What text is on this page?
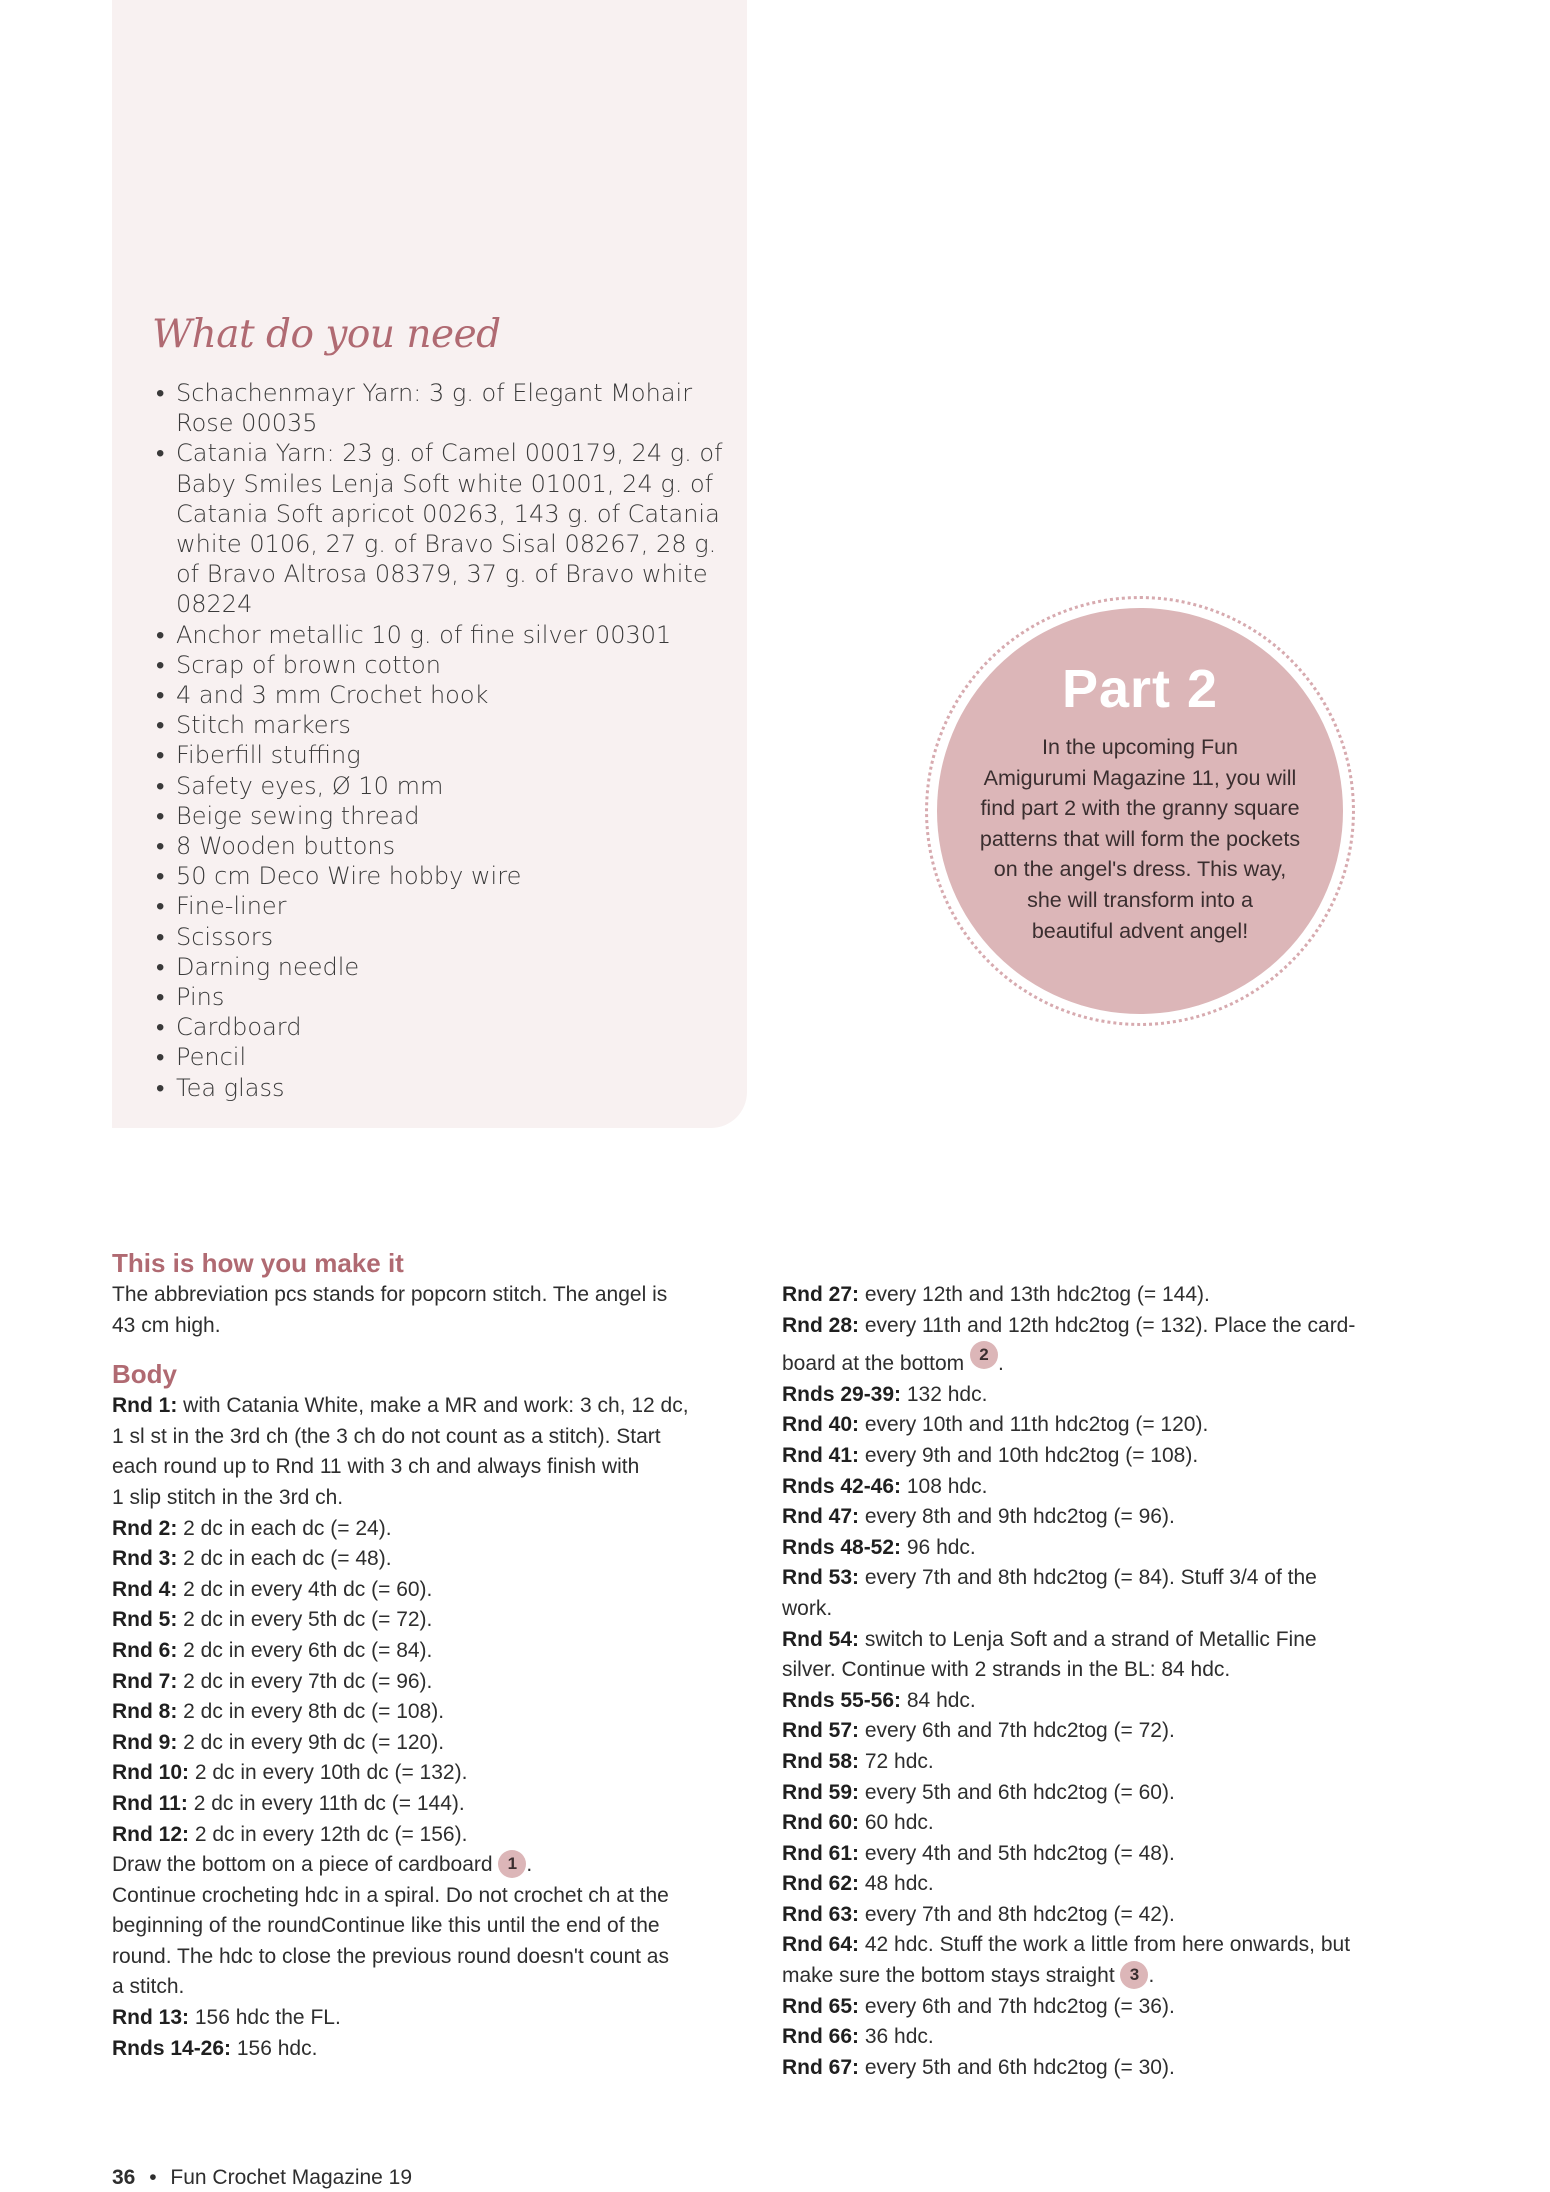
What do you need
• Schachenmayr Yarn: 3 g. of Elegant Mohair Rose 00035
• Catania Yarn: 23 g. of Camel 000179, 24 g. of Baby Smiles Lenja Soft white 01001, 24 g. of Catania Soft apricot 00263, 143 g. of Catania white 0106, 27 g. of Bravo Sisal 08267, 28 g. of Bravo Altrosa 08379, 37 g. of Bravo white 08224
• Anchor metallic 10 g. of fine silver 00301
• Scrap of brown cotton
• 4 and 3 mm Crochet hook
• Stitch markers
• Fiberfill stuffing
• Safety eyes, Ø 10 mm
• Beige sewing thread
• 8 Wooden buttons
• 50 cm Deco Wire hobby wire
• Fine-liner
• Scissors
• Darning needle
• Pins
• Cardboard
• Pencil
• Tea glass
Part 2
In the upcoming Fun
Amigurumi Magazine 11, you will
find part 2 with the granny square
patterns that will form the pockets
on the angel's dress. This way,
she will transform into a
beautiful advent angel!
This is how you make it
The abbreviation pcs stands for popcorn stitch. The angel is
43 cm high.
Body
Rnd 1: with Catania White, make a MR and work: 3 ch, 12 dc,
1 sl st in the 3rd ch (the 3 ch do not count as a stitch). Start
each round up to Rnd 11 with 3 ch and always finish with
1 slip stitch in the 3rd ch.
Rnd 2: 2 dc in each dc (= 24).
Rnd 3: 2 dc in each dc (= 48).
Rnd 4: 2 dc in every 4th dc (= 60).
Rnd 5: 2 dc in every 5th dc (= 72).
Rnd 6: 2 dc in every 6th dc (= 84).
Rnd 7: 2 dc in every 7th dc (= 96).
Rnd 8: 2 dc in every 8th dc (= 108).
Rnd 9: 2 dc in every 9th dc (= 120).
Rnd 10: 2 dc in every 10th dc (= 132).
Rnd 11: 2 dc in every 11th dc (= 144).
Rnd 12: 2 dc in every 12th dc (= 156).
Draw the bottom on a piece of cardboard 1 .
Continue crocheting hdc in a spiral. Do not crochet ch at the
beginning of the roundContinue like this until the end of the
round. The hdc to close the previous round doesn't count as
a stitch.
Rnd 13: 156 hdc the FL.
Rnds 14-26: 156 hdc.
Rnd 27: every 12th and 13th hdc2tog (= 144).
Rnd 28: every 11th and 12th hdc2tog (= 132). Place the card-
board at the bottom 2 .
Rnds 29-39: 132 hdc.
Rnd 40: every 10th and 11th hdc2tog (= 120).
Rnd 41: every 9th and 10th hdc2tog (= 108).
Rnds 42-46: 108 hdc.
Rnd 47: every 8th and 9th hdc2tog (= 96).
Rnds 48-52: 96 hdc.
Rnd 53: every 7th and 8th hdc2tog (= 84). Stuff 3/4 of the
work.
Rnd 54: switch to Lenja Soft and a strand of Metallic Fine
silver. Continue with 2 strands in the BL: 84 hdc.
Rnds 55-56: 84 hdc.
Rnd 57: every 6th and 7th hdc2tog (= 72).
Rnd 58: 72 hdc.
Rnd 59: every 5th and 6th hdc2tog (= 60).
Rnd 60: 60 hdc.
Rnd 61: every 4th and 5th hdc2tog (= 48).
Rnd 62: 48 hdc.
Rnd 63: every 7th and 8th hdc2tog (= 42).
Rnd 64: 42 hdc. Stuff the work a little from here onwards, but
make sure the bottom stays straight 3 .
Rnd 65: every 6th and 7th hdc2tog (= 36).
Rnd 66: 36 hdc.
Rnd 67: every 5th and 6th hdc2tog (= 30).
36 • Fun Crochet Magazine 19
